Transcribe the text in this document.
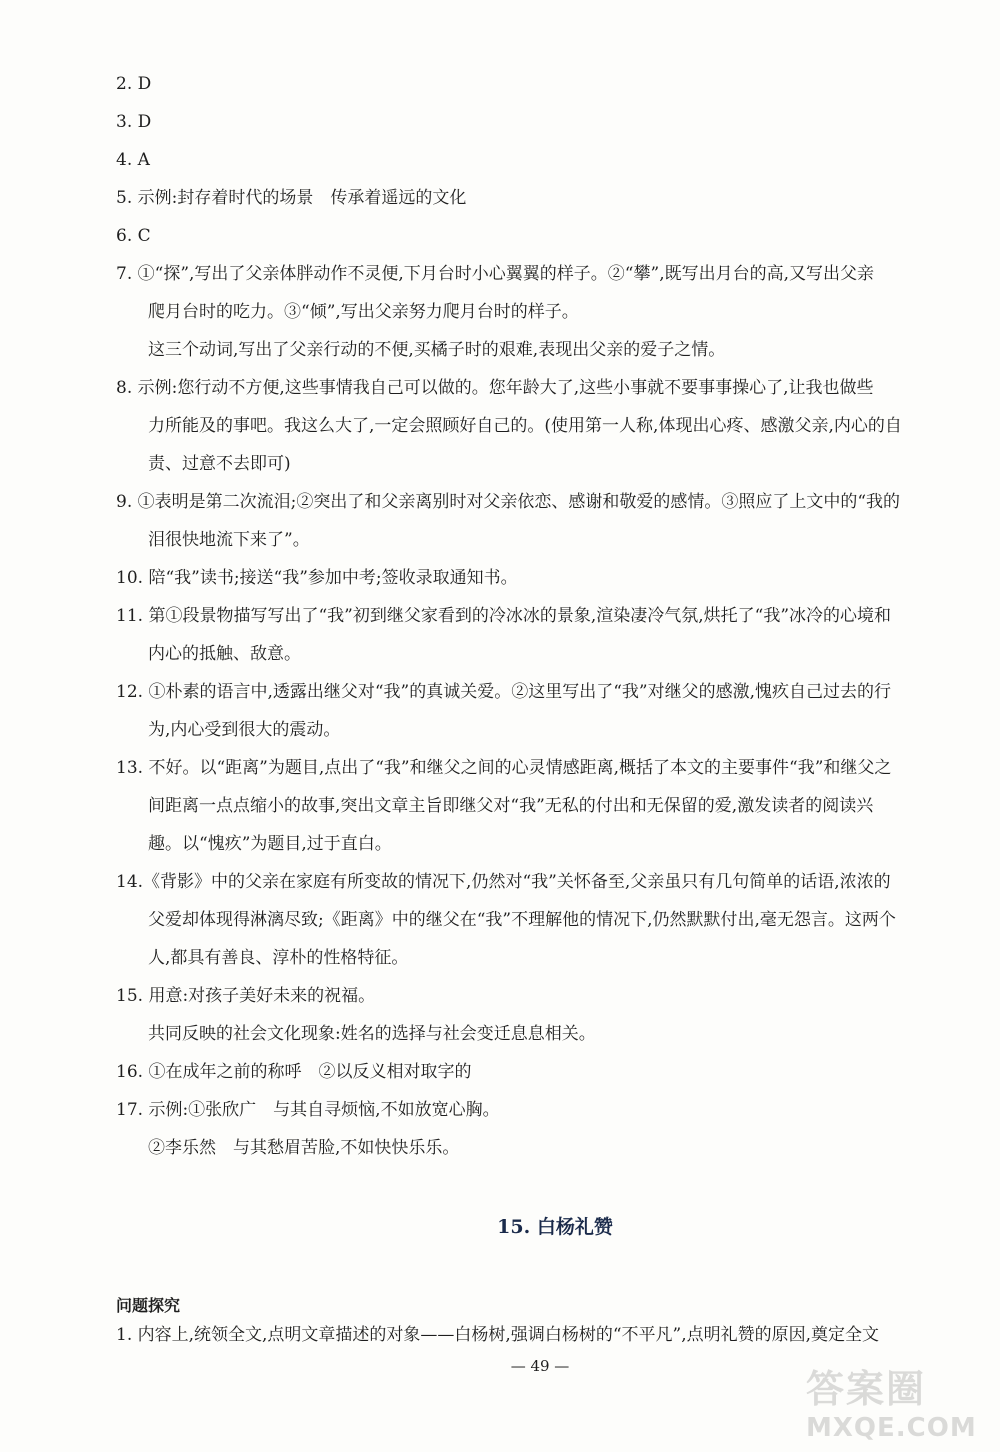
2. D
3. D
4. A
5. 示例:封存着时代的场景　传承着遥远的文化
6. C
7. ①“探”,写出了父亲体胖动作不灵便,下月台时小心翼翼的样子。②“攀”,既写出月台的高,又写出父亲
爬月台时的吃力。③“倾”,写出父亲努力爬月台时的样子。
这三个动词,写出了父亲行动的不便,买橘子时的艰难,表现出父亲的爱子之情。
8. 示例:您行动不方便,这些事情我自己可以做的。您年龄大了,这些小事就不要事事操心了,让我也做些
力所能及的事吧。我这么大了,一定会照顾好自己的。(使用第一人称,体现出心疼、感激父亲,内心的自
责、过意不去即可)
9. ①表明是第二次流泪;②突出了和父亲离别时对父亲依恋、感谢和敬爱的感情。③照应了上文中的“我的
泪很快地流下来了”。
10. 陪“我”读书;接送“我”参加中考;签收录取通知书。
11. 第①段景物描写写出了“我”初到继父家看到的冷冰冰的景象,渲染凄冷气氛,烘托了“我”冰冷的心境和
内心的抵触、敌意。
12. ①朴素的语言中,透露出继父对“我”的真诚关爱。②这里写出了“我”对继父的感激,愧疚自己过去的行
为,内心受到很大的震动。
13. 不好。以“距离”为题目,点出了“我”和继父之间的心灵情感距离,概括了本文的主要事件“我”和继父之
间距离一点点缩小的故事,突出文章主旨即继父对“我”无私的付出和无保留的爱,激发读者的阅读兴
趣。以“愧疚”为题目,过于直白。
14.《背影》中的父亲在家庭有所变故的情况下,仍然对“我”关怀备至,父亲虽只有几句简单的话语,浓浓的
父爱却体现得淋漓尽致;《距离》中的继父在“我”不理解他的情况下,仍然默默付出,毫无怨言。这两个
人,都具有善良、淳朴的性格特征。
15. 用意:对孩子美好未来的祝福。
共同反映的社会文化现象:姓名的选择与社会变迁息息相关。
16. ①在成年之前的称呼　②以反义相对取字的
17. 示例:①张欣广　与其自寻烦恼,不如放宽心胸。
②李乐然　与其愁眉苦脸,不如快快乐乐。
15. 白杨礼赞
问题探究
1. 内容上,统领全文,点明文章描述的对象——白杨树,强调白杨树的“不平凡”,点明礼赞的原因,奠定全文
— 49 —
答案圈
MXQE.COM
